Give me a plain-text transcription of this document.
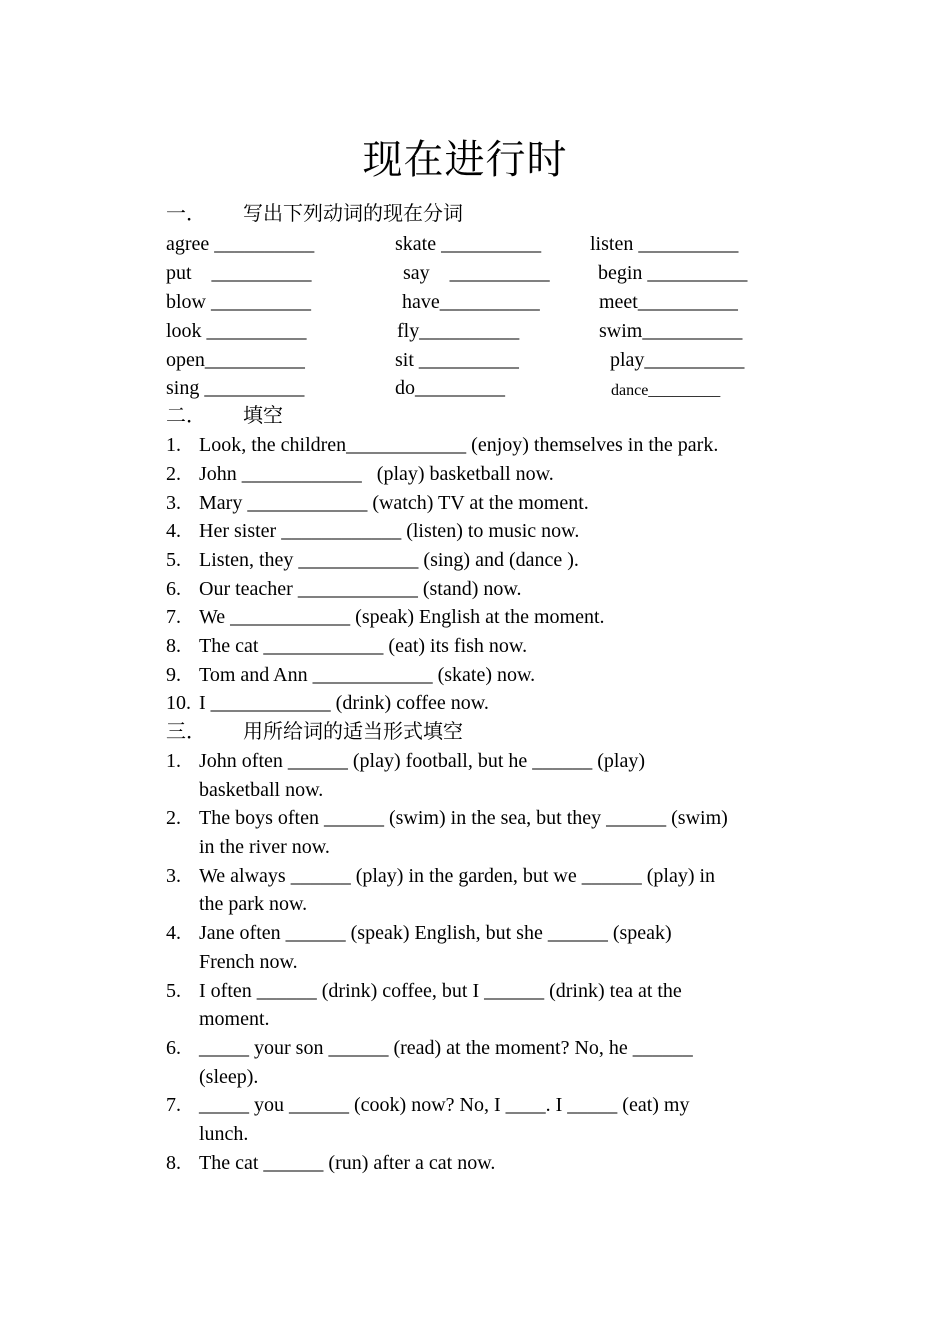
现在进行时
一． 写出下列动词的现在分词
agree __________	skate __________ listen __________
put    __________	say    __________ begin __________
blow __________	have__________	meet__________
look __________	fly__________	swim__________
open__________	sit __________	play__________
sing __________	do_________	dance_________
二． 填空
1. Look, the children____________ (enjoy) themselves in the park.
2. John ____________   (play) basketball now.
3. Mary ____________ (watch) TV at the moment.
4. Her sister ____________ (listen) to music now.
5. Listen, they ____________ (sing) and (dance ).
6. Our teacher ____________ (stand) now.
7. We ____________ (speak) English at the moment.
8. The cat ____________ (eat) its fish now.
9. Tom and Ann ____________ (skate) now.
10. I ____________ (drink) coffee now.
三． 用所给词的适当形式填空
1. John often ______ (play) football, but he ______ (play)
basketball now.
2. The boys often ______ (swim) in the sea, but they ______ (swim)
in the river now.
3. We always ______ (play) in the garden, but we ______ (play) in
the park now.
4. Jane often ______ (speak) English, but she ______ (speak)
French now.
5. I often ______ (drink) coffee, but I ______ (drink) tea at the
moment.
6. _____ your son ______ (read) at the moment? No, he ______
(sleep).
7. _____ you ______ (cook) now? No, I ____. I _____ (eat) my
lunch.
8. The cat ______ (run) after a cat now.
